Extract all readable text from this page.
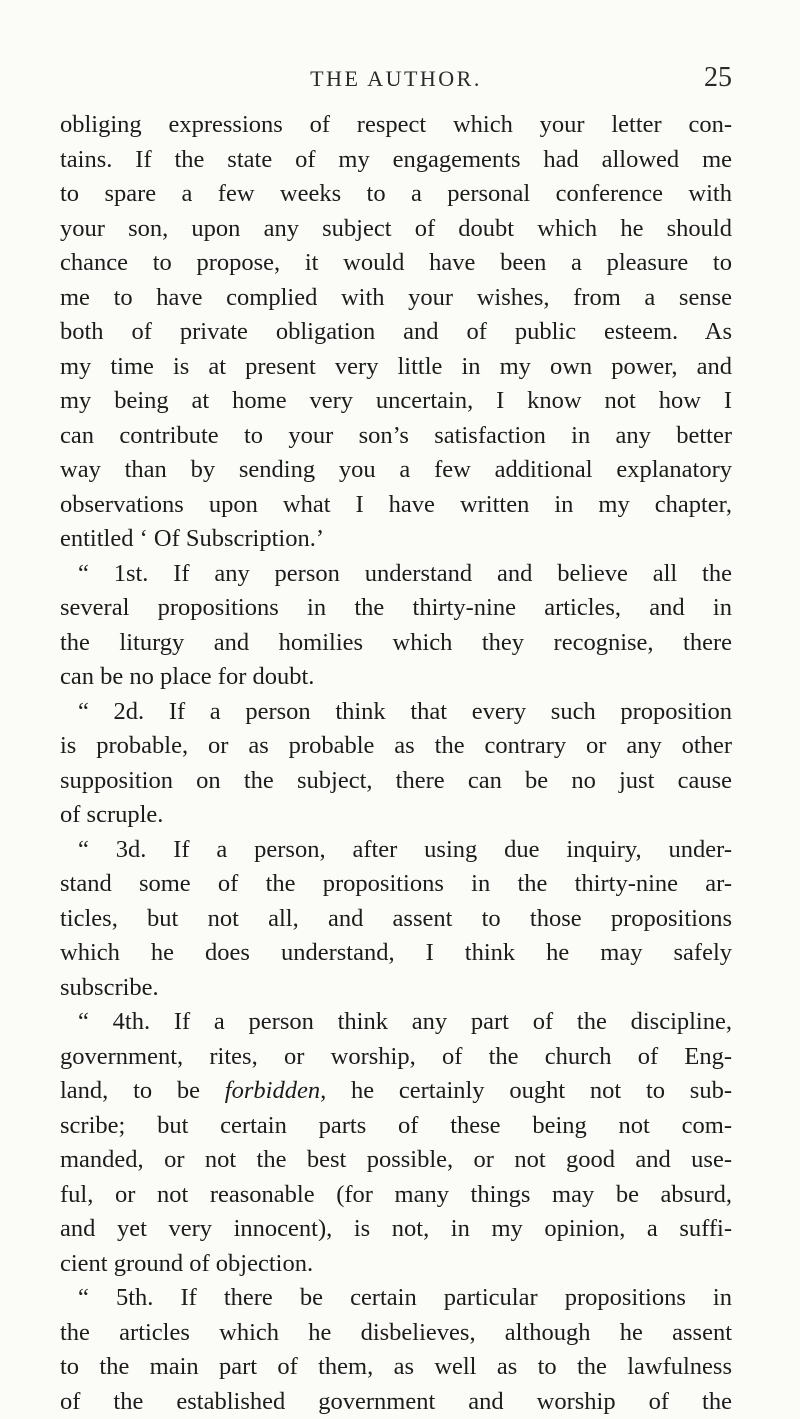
THE AUTHOR.	25
obliging expressions of respect which your letter con-
tains. If the state of my engagements had allowed me
to spare a few weeks to a personal conference with
your son, upon any subject of doubt which he should
chance to propose, it would have been a pleasure to
me to have complied with your wishes, from a sense
both of private obligation and of public esteem. As
my time is at present very little in my own power, and
my being at home very uncertain, I know not how I
can contribute to your son’s satisfaction in any better
way than by sending you a few additional explanatory
observations upon what I have written in my chapter,
entitled ‘ Of Subscription.’
“ 1st. If any person understand and believe all the
several propositions in the thirty-nine articles, and in
the liturgy and homilies which they recognise, there
can be no place for doubt.
“ 2d. If a person think that every such proposition
is probable, or as probable as the contrary or any other
supposition on the subject, there can be no just cause
of scruple.
“ 3d. If a person, after using due inquiry, under-
stand some of the propositions in the thirty-nine ar-
ticles, but not all, and assent to those propositions
which he does understand, I think he may safely
subscribe.
“ 4th. If a person think any part of the discipline,
government, rites, or worship, of the church of Eng-
land, to be forbidden, he certainly ought not to sub-
scribe; but certain parts of these being not com-
manded, or not the best possible, or not good and use-
ful, or not reasonable (for many things may be absurd,
and yet very innocent), is not, in my opinion, a suffi-
cient ground of objection.
“ 5th. If there be certain particular propositions in
the articles which he disbelieves, although he assent
to the main part of them, as well as to the lawfulness
of the established government and worship of the
